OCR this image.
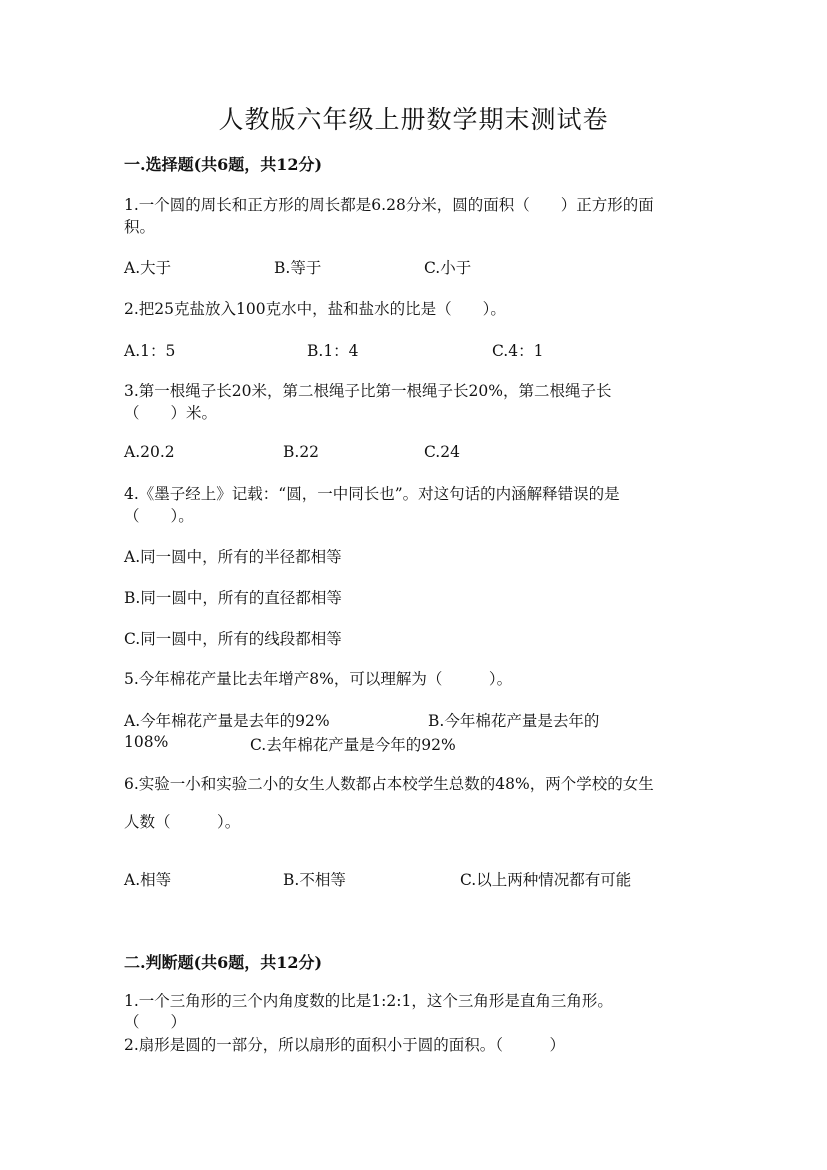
人教版六年级上册数学期末测试卷
一.选择题(共6题，共12分)
1.一个圆的周长和正方形的周长都是6.28分米，圆的面积（　　）正方形的面
积。
A.大于	B.等于	C.小于
2.把25克盐放入100克水中，盐和盐水的比是（　　）。
A.1：5	B.1：4	C.4：1
3.第一根绳子长20米，第二根绳子比第一根绳子长20%，第二根绳子长
（　　）米。
A.20.2	B.22	C.24
4.《墨子经上》记载：“圆，一中同长也”。对这句话的内涵解释错误的是
（　　）。
A.同一圆中，所有的半径都相等
B.同一圆中，所有的直径都相等
C.同一圆中，所有的线段都相等
5.今年棉花产量比去年增产8%，可以理解为（　　　）。
A.今年棉花产量是去年的92%	B.今年棉花产量是去年的
108%	C.去年棉花产量是今年的92%
6.实验一小和实验二小的女生人数都占本校学生总数的48%，两个学校的女生
人数（　　　）。
A.相等	B.不相等	C.以上两种情况都有可能
二.判断题(共6题，共12分)
1.一个三角形的三个内角度数的比是1:2:1，这个三角形是直角三角形。
（　　）
2.扇形是圆的一部分，所以扇形的面积小于圆的面积。（　　　）
